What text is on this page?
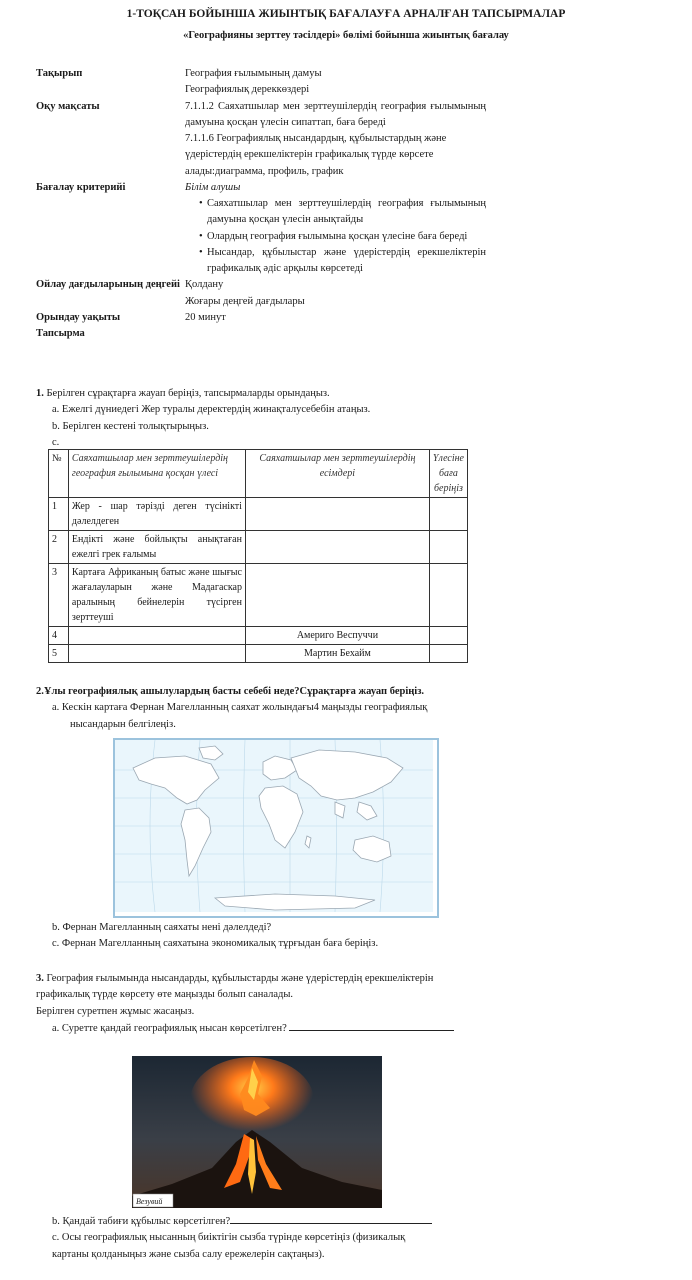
1-ТОҚСАН БОЙЫНША ЖИЫНТЫҚ БАҒАЛАУҒА АРНАЛҒАН ТАПСЫРМАЛАР
«Географияны зерттеу тәсілдері» бөлімі бойынша жиынтық бағалау
Тақырып	География ғылымының дамуы

Географиялық дереккөздері

Оқу мақсаты	7.1.1.2 Саяхатшылар мен зерттеушілердің география ғылымының дамуына қосқан үлесін сипаттап, баға береді

7.1.1.6 Географиялық нысандардың, құбылыстардың және үдерістердің ерекшеліктерін графикалық түрде көрсете алады:диаграмма, профиль, график

Бағалау критерийі	Білім алушы

• Саяхатшылар мен зерттеушілердің география ғылымының дамуына қосқан үлесін анықтайды
• Олардың география ғылымына қосқан үлесіне баға береді
• Нысандар, құбылыстар және үдерістердің ерекшеліктерін графикалық әдіс арқылы көрсетеді
Ойлау дағдыларының деңгейі Қолдану

Жоғары деңгей дағдылары

Орындау уақыты	20 минут

Тапсырма

1. Берілген сұрақтарға жауап беріңіз, тапсырмаларды орындаңыз.

a. Ежелгі дүниедегі Жер туралы деректердің жинақталуcебебін атаңыз.

b. Берілген кестені толықтырыңыз.

c.

№	Саяхатшылар мен зерттеушілердің география ғылымына қосқан үлесі	Саяхатшылар мен зерттеушілердің есімдері	Үлесіне баға беріңіз
1	Жер - шар тәрізді деген түсінікті дәлелдеген		
2	Ендікті және бойлықты анықтаған ежелгі грек ғалымы		
3	Картаға Африканың батыс және шығыс жағалауларын және Мадагаскар аралының бейнелерін түсірген зерттеуші		
4		Америго Веспуччи	
5		Мартин Бехайм	

2.Ұлы географиялық ашылулардың басты себебі неде?Сұрақтарға жауап беріңіз.

a. Кескін картаға Фернан Магелланның саяхат жолындағы4 маңызды географиялық

нысандарын белгілеңіз.

b. Фернан Магелланның саяхаты нені дәлелдеді?

c. Фернан Магелланның саяхатына экономикалық тұрғыдан баға беріңіз.

3. География ғылымында нысандарды, құбылыстарды және үдерістердің ерекшеліктерін

графикалық түрде көрсету өте маңызды болып саналады.

Берілген суретпен жұмыс жасаңыз.

a. Суретте қандай географиялық нысан көрсетілген?

Везувий

b. Қандай табиғи құбылыс көрсетілген?

c. Осы географиялық нысанның биіктігін сызба түрінде көрсетіңіз (физикалық

картаны қолданыңыз және сызба салу ережелерін сақтаңыз).
